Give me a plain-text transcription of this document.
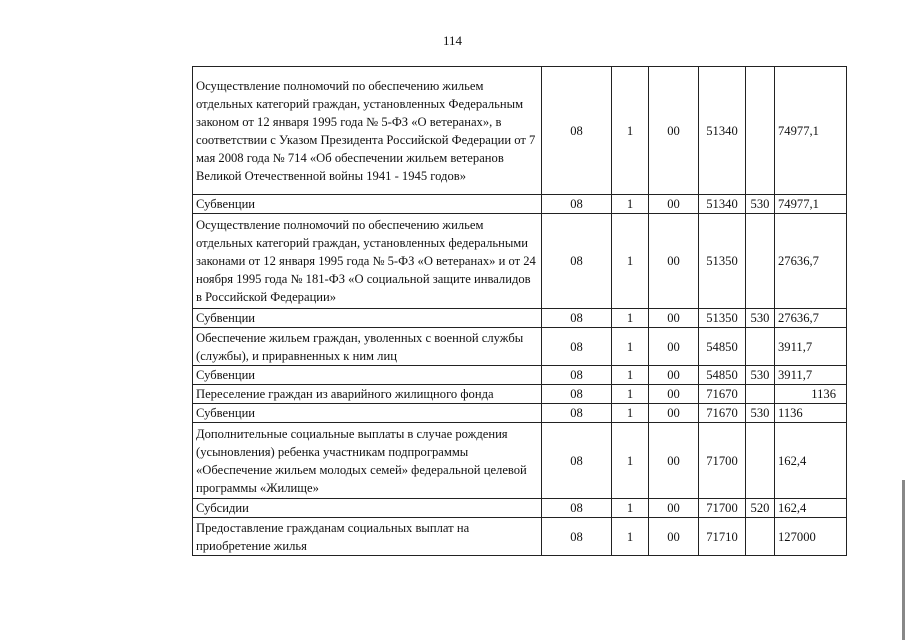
114
Осуществление полномочий по обеспечению жильем отдельных категорий граждан, установленных Федеральным законом от 12 января 1995 года № 5-ФЗ «О ветеранах», в соответствии с Указом Президента Российской Федерации от 7 мая 2008 года № 714 «Об обеспечении жильем ветеранов Великой Отечественной войны 1941 - 1945 годов»	08	1	00	51340		74977,1
Субвенции	08	1	00	51340	530	74977,1
Осуществление полномочий по обеспечению жильем отдельных категорий граждан, установленных федеральными законами от 12 января 1995 года № 5-ФЗ «О ветеранах» и от 24 ноября 1995 года № 181-ФЗ «О социальной защите инвалидов в Российской Федерации»	08	1	00	51350		27636,7
Субвенции	08	1	00	51350	530	27636,7
Обеспечение жильем граждан, уволенных с военной службы (службы), и приравненных к ним лиц	08	1	00	54850		3911,7
Субвенции	08	1	00	54850	530	3911,7
Переселение граждан из аварийного жилищного фонда	08	1	00	71670		1136
Субвенции	08	1	00	71670	530	1136
Дополнительные социальные выплаты в случае рождения (усыновления) ребенка участникам подпрограммы «Обеспечение жильем молодых семей» федеральной целевой программы «Жилище»	08	1	00	71700		162,4
Субсидии	08	1	00	71700	520	162,4
Предоставление гражданам социальных выплат на приобретение жилья	08	1	00	71710		127000
